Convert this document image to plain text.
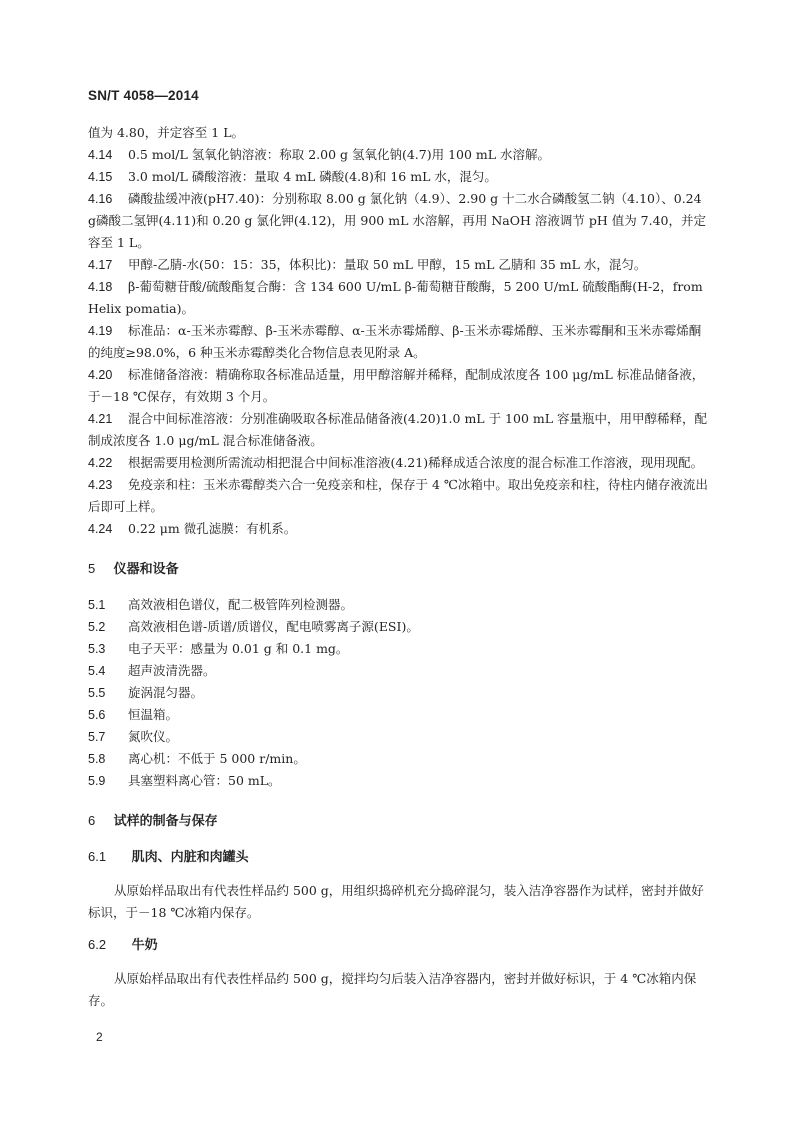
SN/T 4058—2014
值为 4.80，并定容至 1 L。
4.14 0.5 mol/L 氢氧化钠溶液：称取 2.00 g 氢氧化钠(4.7)用 100 mL 水溶解。
4.15 3.0 mol/L 磷酸溶液：量取 4 mL 磷酸(4.8)和 16 mL 水，混匀。
4.16 磷酸盐缓冲液(pH7.40)：分别称取 8.00 g 氯化钠（4.9）、2.90 g 十二水合磷酸氢二钠（4.10）、0.24 g磷酸二氢钾(4.11)和 0.20 g 氯化钾(4.12)，用 900 mL 水溶解，再用 NaOH 溶液调节 pH 值为 7.40，并定容至 1 L。
4.17 甲醇-乙腈-水(50：15：35，体积比)：量取 50 mL 甲醇，15 mL 乙腈和 35 mL 水，混匀。
4.18 β-葡萄糖苷酸/硫酸酯复合酶：含 134 600 U/mL β-葡萄糖苷酸酶，5 200 U/mL 硫酸酯酶(H-2，from Helix pomatia)。
4.19 标准品：α-玉米赤霉醇、β-玉米赤霉醇、α-玉米赤霉烯醇、β-玉米赤霉烯醇、玉米赤霉酮和玉米赤霉烯酮的纯度≥98.0%，6 种玉米赤霉醇类化合物信息表见附录 A。
4.20 标准储备溶液：精确称取各标准品适量，用甲醇溶解并稀释，配制成浓度各 100 μg/mL 标准品储备液，于－18 ℃保存，有效期 3 个月。
4.21 混合中间标准溶液：分别准确吸取各标准品储备液(4.20)1.0 mL 于 100 mL 容量瓶中，用甲醇稀释，配制成浓度各 1.0 μg/mL 混合标准储备液。
4.22 根据需要用检测所需流动相把混合中间标准溶液(4.21)稀释成适合浓度的混合标准工作溶液，现用现配。
4.23 免疫亲和柱：玉米赤霉醇类六合一免疫亲和柱，保存于 4 ℃冰箱中。取出免疫亲和柱，待柱内储存液流出后即可上样。
4.24 0.22 μm 微孔滤膜：有机系。
5 仪器和设备
5.1 高效液相色谱仪，配二极管阵列检测器。
5.2 高效液相色谱-质谱/质谱仪，配电喷雾离子源(ESI)。
5.3 电子天平：感量为 0.01 g 和 0.1 mg。
5.4 超声波清洗器。
5.5 旋涡混匀器。
5.6 恒温箱。
5.7 氮吹仪。
5.8 离心机：不低于 5 000 r/min。
5.9 具塞塑料离心管：50 mL。
6 试样的制备与保存
6.1 肌肉、内脏和肉罐头
从原始样品取出有代表性样品约 500 g，用组织捣碎机充分捣碎混匀，装入洁净容器作为试样，密封并做好标识，于－18 ℃冰箱内保存。
6.2 牛奶
从原始样品取出有代表性样品约 500 g，搅拌均匀后装入洁净容器内，密封并做好标识，于 4 ℃冰箱内保存。
2
